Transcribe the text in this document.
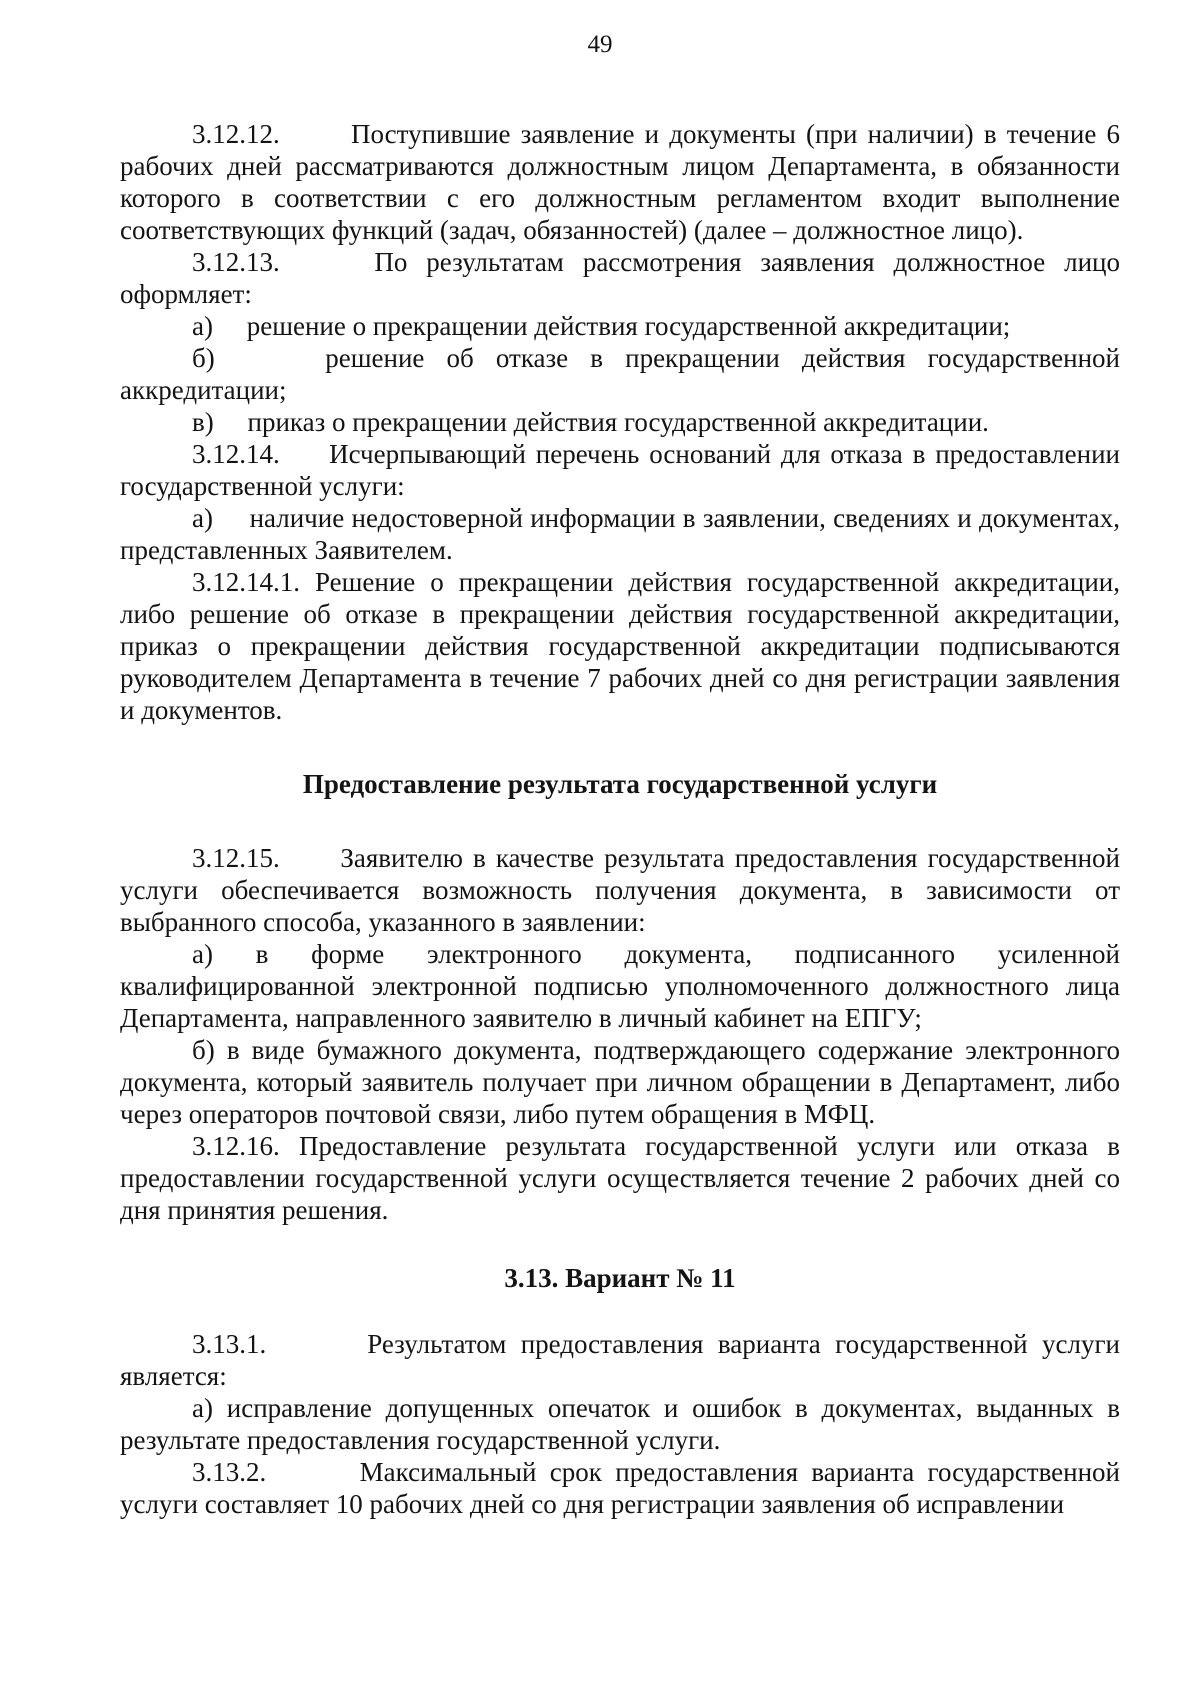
49

3.12.12.       Поступившие заявление и документы (при наличии) в течение 6 рабочих дней рассматриваются должностным лицом Департамента, в обязанности которого в соответствии с его должностным регламентом входит выполнение соответствующих функций (задач, обязанностей) (далее – должностное лицо).

3.12.13.     По результатам рассмотрения заявления должностное лицо оформляет:

а)     решение о прекращении действия государственной аккредитации;

б)     решение об отказе в прекращении действия государственной аккредитации;

в)     приказ о прекращении действия государственной аккредитации.

3.12.14.     Исчерпывающий перечень оснований для отказа в предоставлении государственной услуги:

а)     наличие недостоверной информации в заявлении, сведениях и документах, представленных Заявителем.

3.12.14.1. Решение о прекращении действия государственной аккредитации, либо решение об отказе в прекращении действия государственной аккредитации, приказ о прекращении действия государственной аккредитации подписываются руководителем Департамента в течение 7 рабочих дней со дня регистрации заявления и документов.

Предоставление результата государственной услуги

3.12.15.      Заявителю в качестве результата предоставления государственной услуги обеспечивается возможность получения документа, в зависимости от выбранного способа, указанного в заявлении:

а) в форме электронного документа, подписанного усиленной квалифицированной электронной подписью уполномоченного должностного лица Департамента, направленного заявителю в личный кабинет на ЕПГУ;

б) в виде бумажного документа, подтверждающего содержание электронного документа, который заявитель получает при личном обращении в Департамент, либо через операторов почтовой связи, либо путем обращения в МФЦ.

3.12.16. Предоставление результата государственной услуги или отказа в предоставлении государственной услуги осуществляется течение 2 рабочих дней со дня принятия решения.

3.13. Вариант № 11

3.13.1.       Результатом предоставления варианта государственной услуги является:

а) исправление допущенных опечаток и ошибок в документах, выданных в результате предоставления государственной услуги.

3.13.2.       Максимальный срок предоставления варианта государственной услуги составляет 10 рабочих дней со дня регистрации заявления об исправлении
